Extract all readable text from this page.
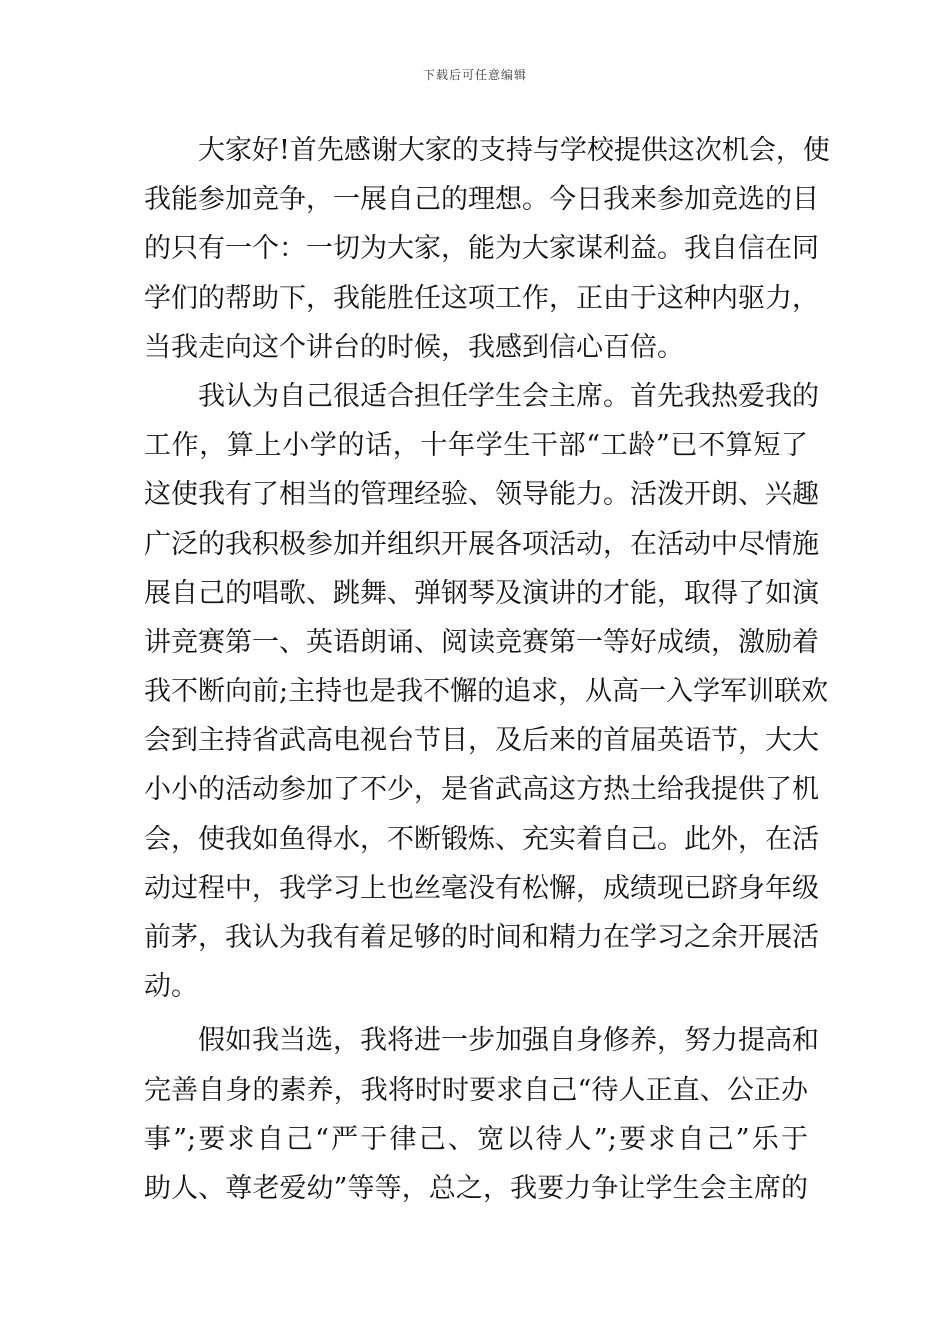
下载后可任意编辑
大家好!首先感谢大家的支持与学校提供这次机会，使
我能参加竞争，一展自己的理想。今日我来参加竞选的目
的只有一个：一切为大家，能为大家谋利益。我自信在同
学们的帮助下，我能胜任这项工作，正由于这种内驱力，
当我走向这个讲台的时候，我感到信心百倍。
我认为自己很适合担任学生会主席。首先我热爱我的
工作，算上小学的话，十年学生干部“工龄”已不算短了
这使我有了相当的管理经验、领导能力。活泼开朗、兴趣
广泛的我积极参加并组织开展各项活动，在活动中尽情施
展自己的唱歌、跳舞、弹钢琴及演讲的才能，取得了如演
讲竞赛第一、英语朗诵、阅读竞赛第一等好成绩，激励着
我不断向前;主持也是我不懈的追求，从高一入学军训联欢
会到主持省武高电视台节目，及后来的首届英语节，大大
小小的活动参加了不少，是省武高这方热土给我提供了机
会，使我如鱼得水，不断锻炼、充实着自己。此外，在活
动过程中，我学习上也丝毫没有松懈，成绩现已跻身年级
前茅，我认为我有着足够的时间和精力在学习之余开展活
动。
假如我当选，我将进一步加强自身修养，努力提高和
完善自身的素养，我将时时要求自己“待人正直、公正办
事”;要求自己“严于律己、宽以待人”;要求自己”乐于
助人、尊老爱幼”等等，总之，我要力争让学生会主席的
